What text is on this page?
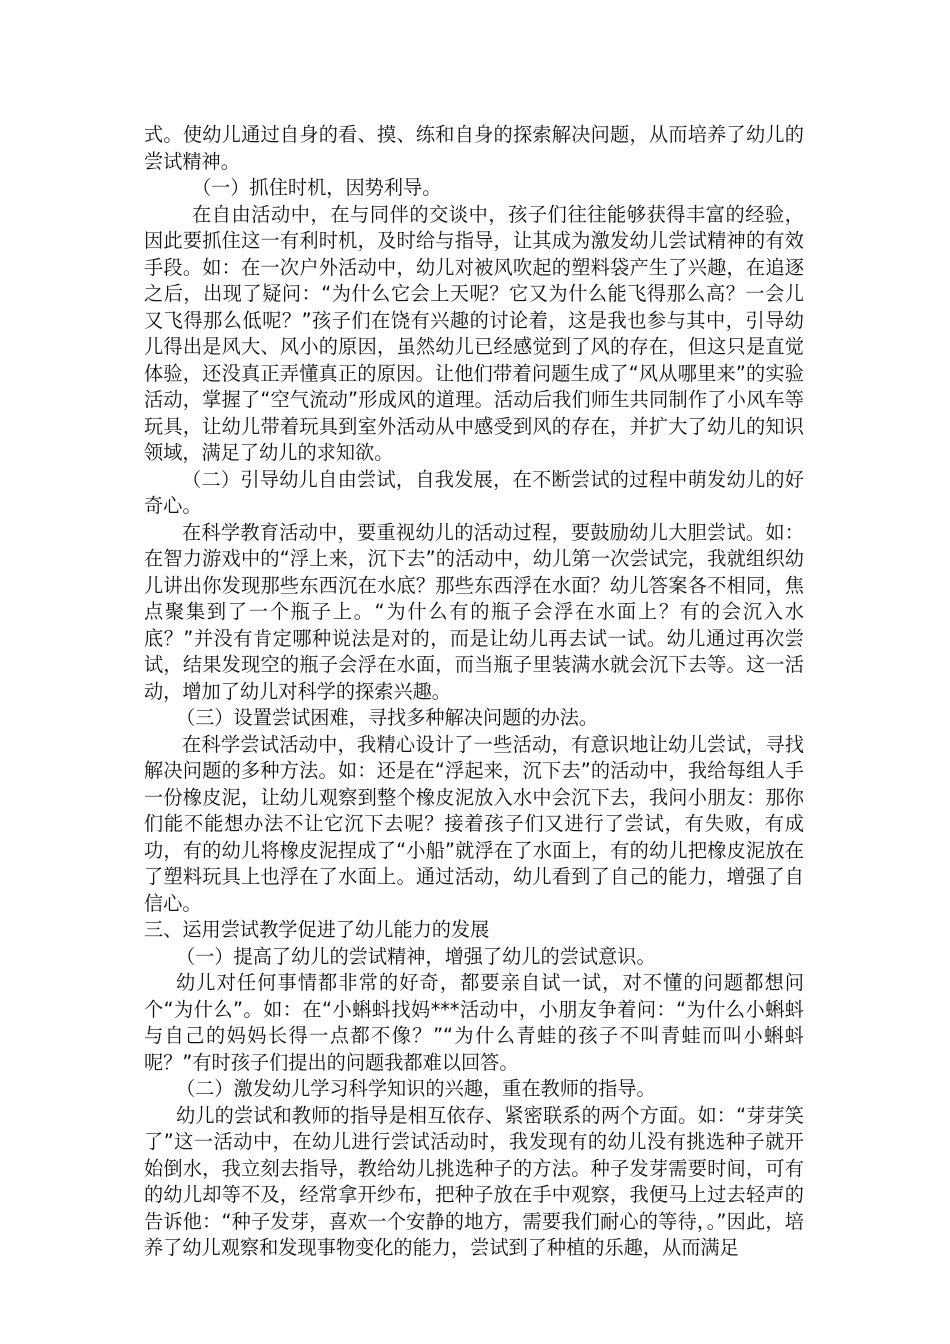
式。使幼儿通过自身的看、摸、练和自身的探索解决问题，从而培养了幼儿的尝试精神。

（一）抓住时机，因势利导。

在自由活动中，在与同伴的交谈中，孩子们往往能够获得丰富的经验，因此要抓住这一有利时机，及时给与指导，让其成为激发幼儿尝试精神的有效手段。如：在一次户外活动中，幼儿对被风吹起的塑料袋产生了兴趣，在追逐之后，出现了疑问：“为什么它会上天呢？它又为什么能飞得那么高？一会儿又飞得那么低呢？”孩子们在饶有兴趣的讨论着，这是我也参与其中，引导幼儿得出是风大、风小的原因，虽然幼儿已经感觉到了风的存在，但这只是直觉体验，还没真正弄懂真正的原因。让他们带着问题生成了“风从哪里来”的实验活动，掌握了“空气流动”形成风的道理。活动后我们师生共同制作了小风车等玩具，让幼儿带着玩具到室外活动从中感受到风的存在，并扩大了幼儿的知识领域，满足了幼儿的求知欲。

（二）引导幼儿自由尝试，自我发展，在不断尝试的过程中萌发幼儿的好奇心。

在科学教育活动中，要重视幼儿的活动过程，要鼓励幼儿大胆尝试。如：在智力游戏中的“浮上来，沉下去”的活动中，幼儿第一次尝试完，我就组织幼儿讲出你发现那些东西沉在水底？那些东西浮在水面？幼儿答案各不相同，焦点聚集到了一个瓶子上。“为什么有的瓶子会浮在水面上？有的会沉入水底？”并没有肯定哪种说法是对的，而是让幼儿再去试一试。幼儿通过再次尝试，结果发现空的瓶子会浮在水面，而当瓶子里装满水就会沉下去等。这一活动，增加了幼儿对科学的探索兴趣。

（三）设置尝试困难，寻找多种解决问题的办法。

在科学尝试活动中，我精心设计了一些活动，有意识地让幼儿尝试，寻找解决问题的多种方法。如：还是在“浮起来，沉下去”的活动中，我给每组人手一份橡皮泥，让幼儿观察到整个橡皮泥放入水中会沉下去，我问小朋友：那你们能不能想办法不让它沉下去呢？接着孩子们又进行了尝试，有失败，有成功，有的幼儿将橡皮泥捏成了“小船”就浮在了水面上，有的幼儿把橡皮泥放在了塑料玩具上也浮在了水面上。通过活动，幼儿看到了自己的能力，增强了自信心。

三、运用尝试教学促进了幼儿能力的发展

（一）提高了幼儿的尝试精神，增强了幼儿的尝试意识。

幼儿对任何事情都非常的好奇，都要亲自试一试，对不懂的问题都想问个“为什么”。如：在“小蝌蚪找妈***活动中，小朋友争着问：“为什么小蝌蚪与自己的妈妈长得一点都不像？”“为什么青蛙的孩子不叫青蛙而叫小蝌蚪呢？”有时孩子们提出的问题我都难以回答。

（二）激发幼儿学习科学知识的兴趣，重在教师的指导。

幼儿的尝试和教师的指导是相互依存、紧密联系的两个方面。如：“芽芽笑了”这一活动中，在幼儿进行尝试活动时，我发现有的幼儿没有挑选种子就开始倒水，我立刻去指导，教给幼儿挑选种子的方法。种子发芽需要时间，可有的幼儿却等不及，经常拿开纱布，把种子放在手中观察，我便马上过去轻声的告诉他：“种子发芽，喜欢一个安静的地方，需要我们耐心的等待，。”因此，培养了幼儿观察和发现事物变化的能力，尝试到了种植的乐趣，从而满足
